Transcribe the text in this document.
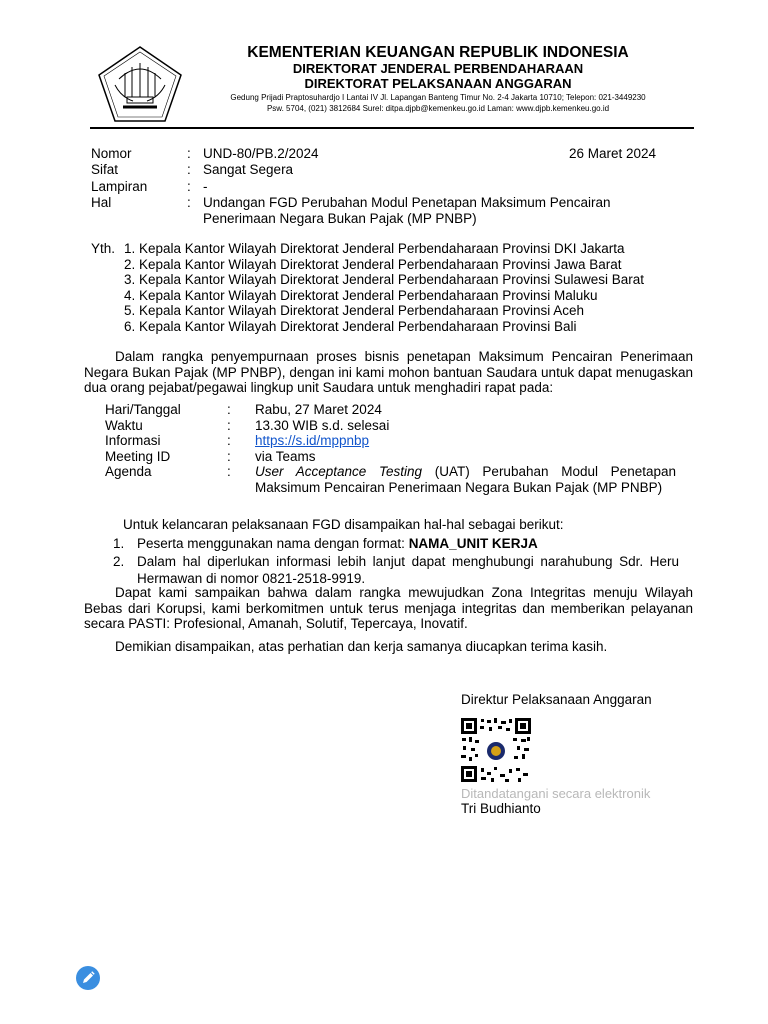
KEMENTERIAN KEUANGAN REPUBLIK INDONESIA
DIREKTORAT JENDERAL PERBENDAHARAAN
DIREKTORAT PELAKSANAAN ANGGARAN
Gedung Prijadi Praptosuhardjo I Lantai IV Jl. Lapangan Banteng Timur No. 2-4 Jakarta 10710; Telepon: 021-3449230
Psw. 5704, (021) 3812684 Surel: ditpa.djpb@kemenkeu.go.id Laman: www.djpb.kemenkeu.go.id
Nomor	: UND-80/PB.2/2024	26 Maret 2024
Sifat	: Sangat Segera
Lampiran	: -
Hal	: Undangan FGD Perubahan Modul Penetapan Maksimum Pencairan
Penerimaan Negara Bukan Pajak (MP PNBP)
Yth. 1. Kepala Kantor Wilayah Direktorat Jenderal Perbendaharaan Provinsi DKI Jakarta
2. Kepala Kantor Wilayah Direktorat Jenderal Perbendaharaan Provinsi Jawa Barat
3. Kepala Kantor Wilayah Direktorat Jenderal Perbendaharaan Provinsi Sulawesi Barat
4. Kepala Kantor Wilayah Direktorat Jenderal Perbendaharaan Provinsi Maluku
5. Kepala Kantor Wilayah Direktorat Jenderal Perbendaharaan Provinsi Aceh
6. Kepala Kantor Wilayah Direktorat Jenderal Perbendaharaan Provinsi Bali
Dalam rangka penyempurnaan proses bisnis penetapan Maksimum Pencairan Penerimaan Negara Bukan Pajak (MP PNBP), dengan ini kami mohon bantuan Saudara untuk dapat menugaskan dua orang pejabat/pegawai lingkup unit Saudara untuk menghadiri rapat pada:
Hari/Tanggal	: Rabu, 27 Maret 2024
Waktu	: 13.30 WIB s.d. selesai
Informasi	: https://s.id/mppnbp
Meeting ID	: via Teams
Agenda	: User Acceptance Testing (UAT) Perubahan Modul Penetapan Maksimum Pencairan Penerimaan Negara Bukan Pajak (MP PNBP)
Untuk kelancaran pelaksanaan FGD disampaikan hal-hal sebagai berikut:
1. Peserta menggunakan nama dengan format: NAMA_UNIT KERJA
2. Dalam hal diperlukan informasi lebih lanjut dapat menghubungi narahubung Sdr. Heru Hermawan di nomor 0821-2518-9919.
Dapat kami sampaikan bahwa dalam rangka mewujudkan Zona Integritas menuju Wilayah Bebas dari Korupsi, kami berkomitmen untuk terus menjaga integritas dan memberikan pelayanan secara PASTI: Profesional, Amanah, Solutif, Tepercaya, Inovatif.
Demikian disampaikan, atas perhatian dan kerja samanya diucapkan terima kasih.
Direktur Pelaksanaan Anggaran
Ditandatangani secara elektronik
Tri Budhianto
